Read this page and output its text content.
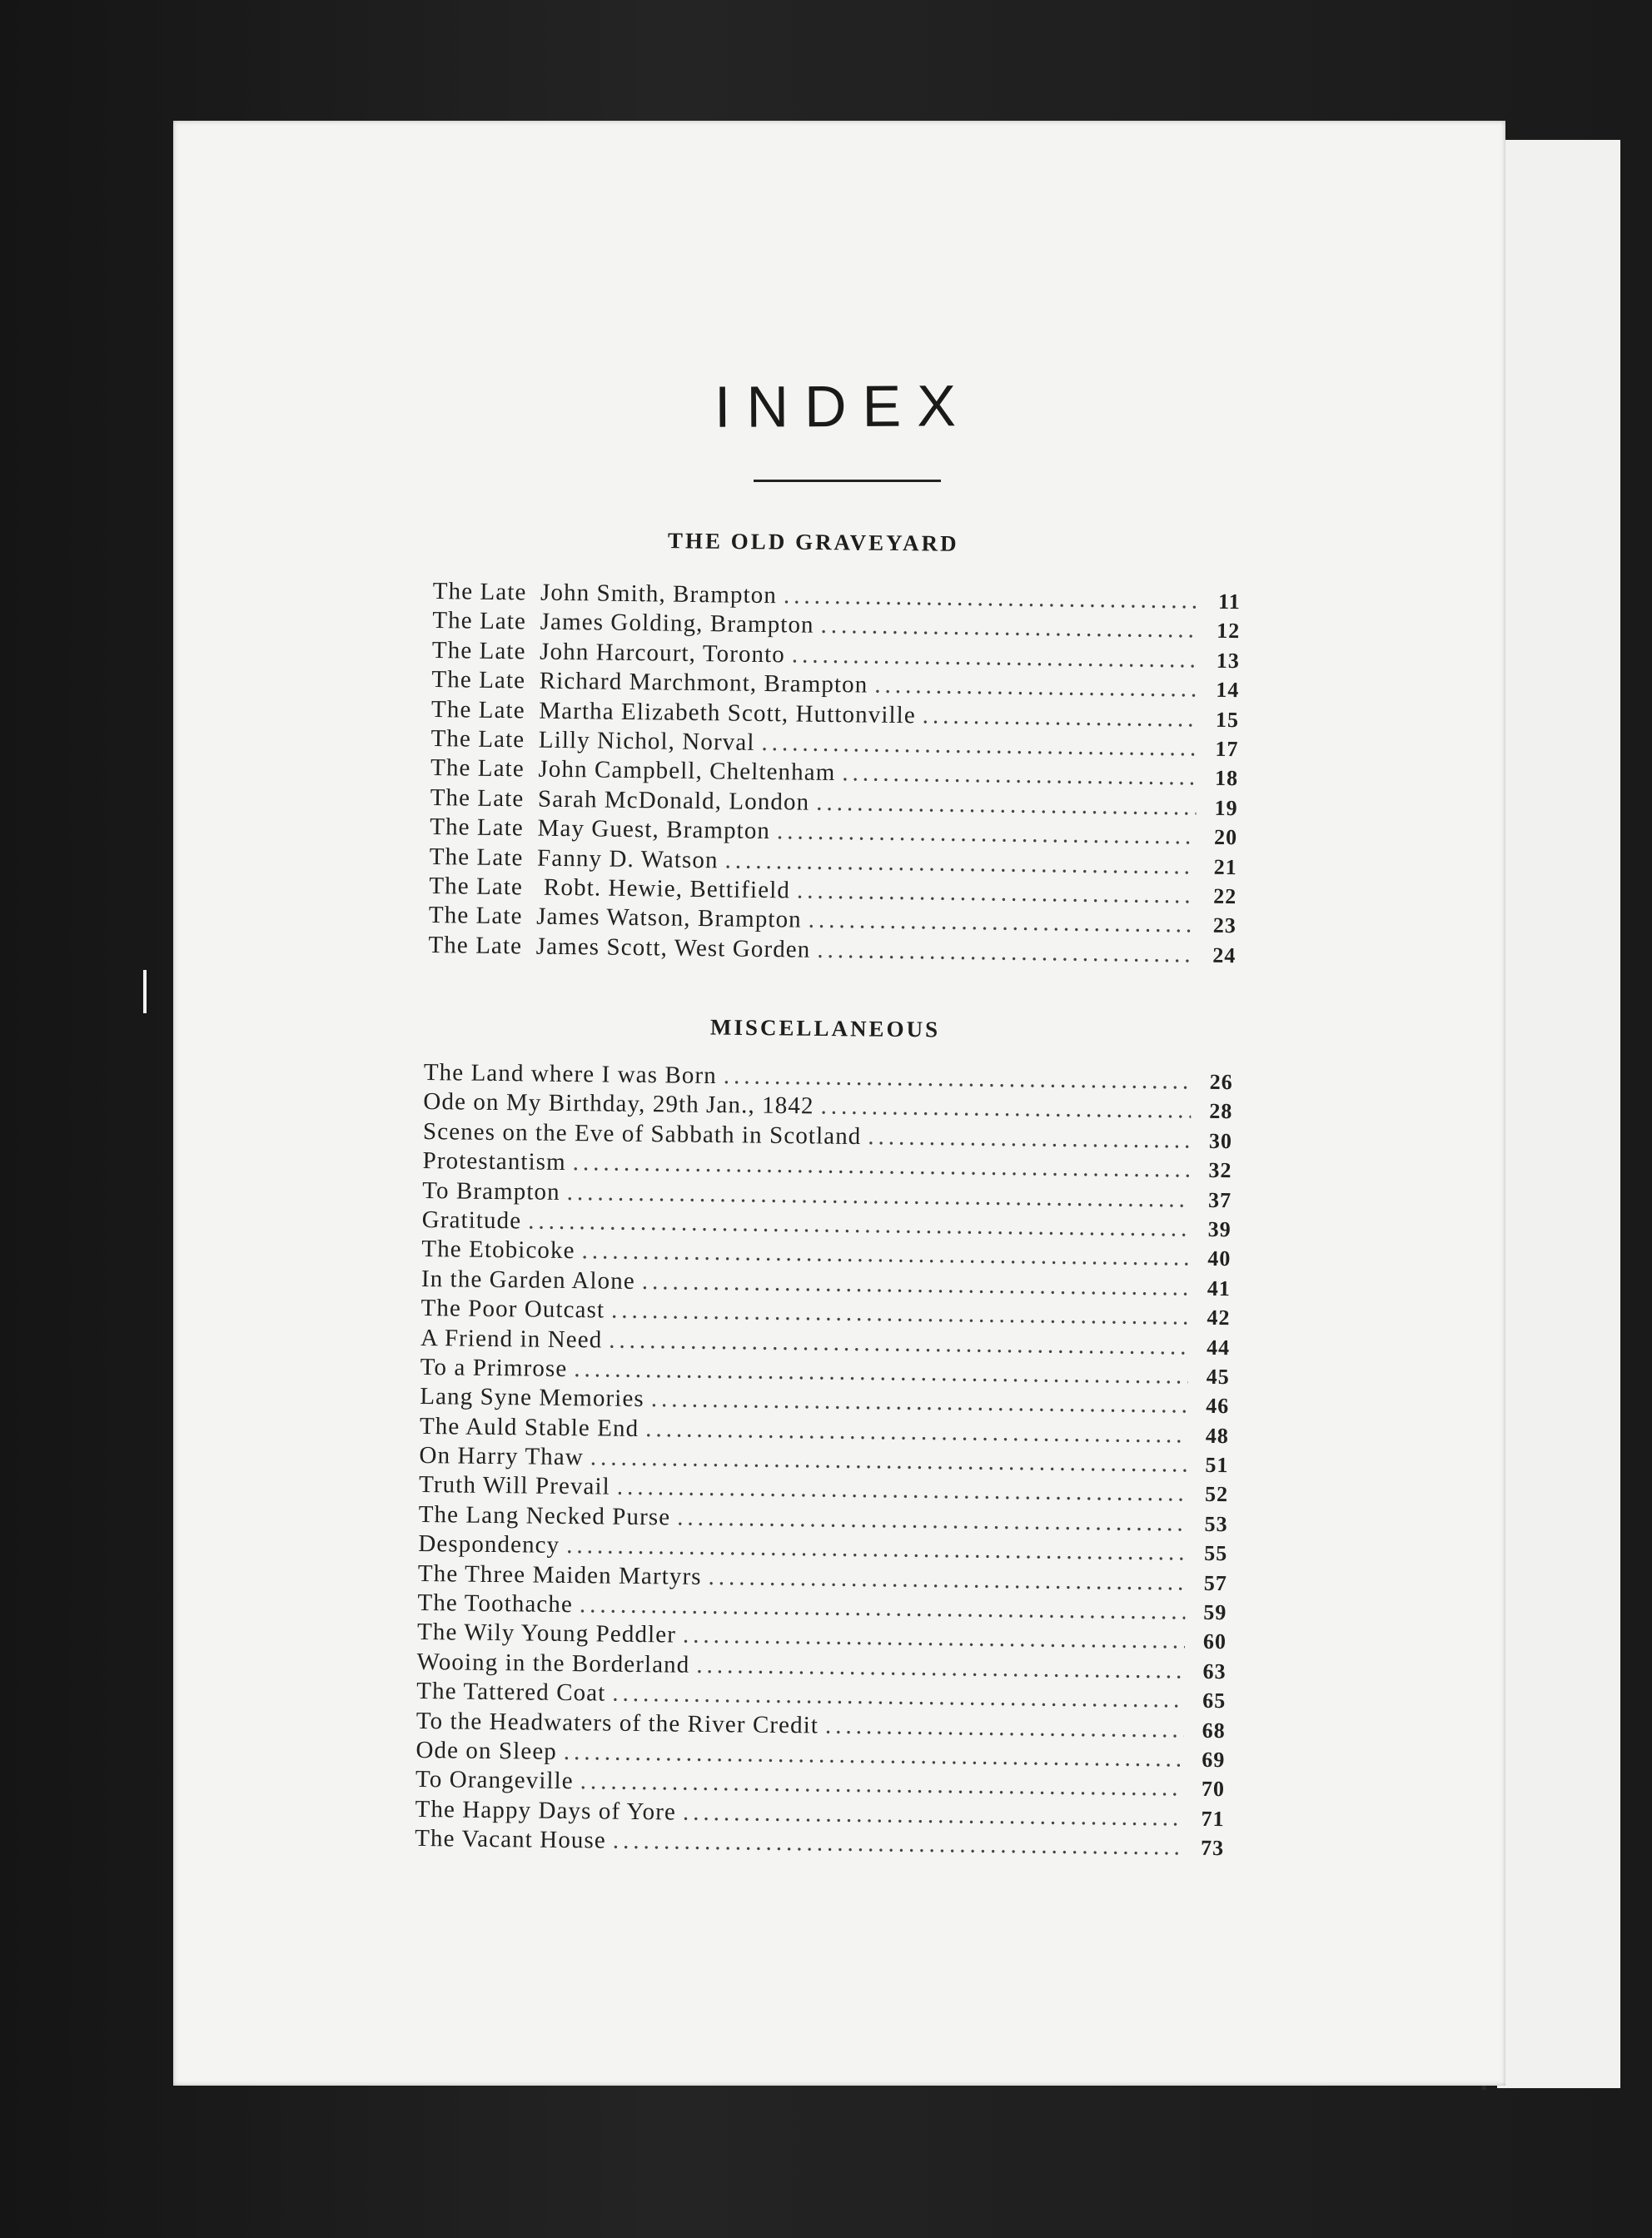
INDEX
THE OLD GRAVEYARD
The Late  John Smith, Brampton .....	11
The Late  James Golding, Brampton .....	12
The Late  John Harcourt, Toronto .....	13
The Late  Richard Marchmont, Brampton .....	14
The Late  Martha Elizabeth Scott, Huttonville .....	15
The Late  Lilly Nichol, Norval .....	17
The Late  John Campbell, Cheltenham .....	18
The Late  Sarah McDonald, London .....	19
The Late  May Guest, Brampton .....	20
The Late  Fanny D. Watson .....	21
The Late   Robt. Hewie, Bettifield .....	22
The Late  James Watson, Brampton .....	23
The Late  James Scott, West Gorden .....	24
MISCELLANEOUS
The Land where I was Born .....	26
Ode on My Birthday, 29th Jan., 1842 .....	28
Scenes on the Eve of Sabbath in Scotland .....	30
Protestantism .....	32
To Brampton .....	37
Gratitude .....	39
The Etobicoke .....	40
In the Garden Alone .....	41
The Poor Outcast .....	42
A Friend in Need .....	44
To a Primrose .....	45
Lang Syne Memories .....	46
The Auld Stable End .....	48
On Harry Thaw .....	51
Truth Will Prevail .....	52
The Lang Necked Purse .....	53
Despondency .....	55
The Three Maiden Martyrs .....	57
The Toothache .....	59
The Wily Young Peddler .....	60
Wooing in the Borderland .....	63
The Tattered Coat .....	65
To the Headwaters of the River Credit .....	68
Ode on Sleep .....	69
To Orangeville .....	70
The Happy Days of Yore .....	71
The Vacant House .....	73
